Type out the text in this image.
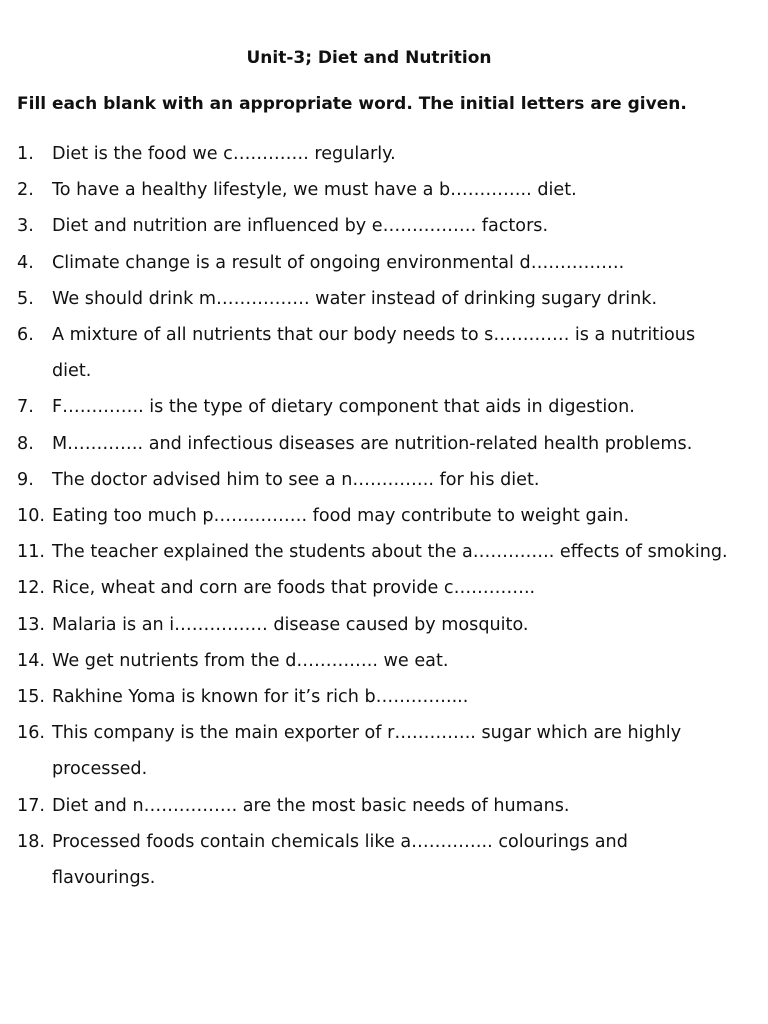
Unit-3; Diet and Nutrition
Fill each blank with an appropriate word. The initial letters are given.
1.	Diet is the food we c…………. regularly.
2.	To have a healthy lifestyle, we must have a b………….. diet.
3.	Diet and nutrition are influenced by e……………. factors.
4.	Climate change is a result of ongoing environmental d…………….
5.	We should drink m……………. water instead of drinking sugary drink.
6.	A mixture of all nutrients that our body needs to s…………. is a nutritious diet.
7.	F………….. is the type of dietary component that aids in digestion.
8.	M…………. and infectious diseases are nutrition-related health problems.
9.	The doctor advised him to see a n………….. for his diet.
10. Eating too much p……………. food may contribute to weight gain.
11. The teacher explained the students about the a………….. effects of smoking.
12. Rice, wheat and corn are foods that provide c…………..
13. Malaria is an i……………. disease caused by mosquito.
14. We get nutrients from the d………….. we eat.
15. Rakhine Yoma is known for it’s rich b…………....
16. This company is the main exporter of r………….. sugar which are highly processed.
17. Diet and n……………. are the most basic needs of humans.
18. Processed foods contain chemicals like a………….. colourings and flavourings.
